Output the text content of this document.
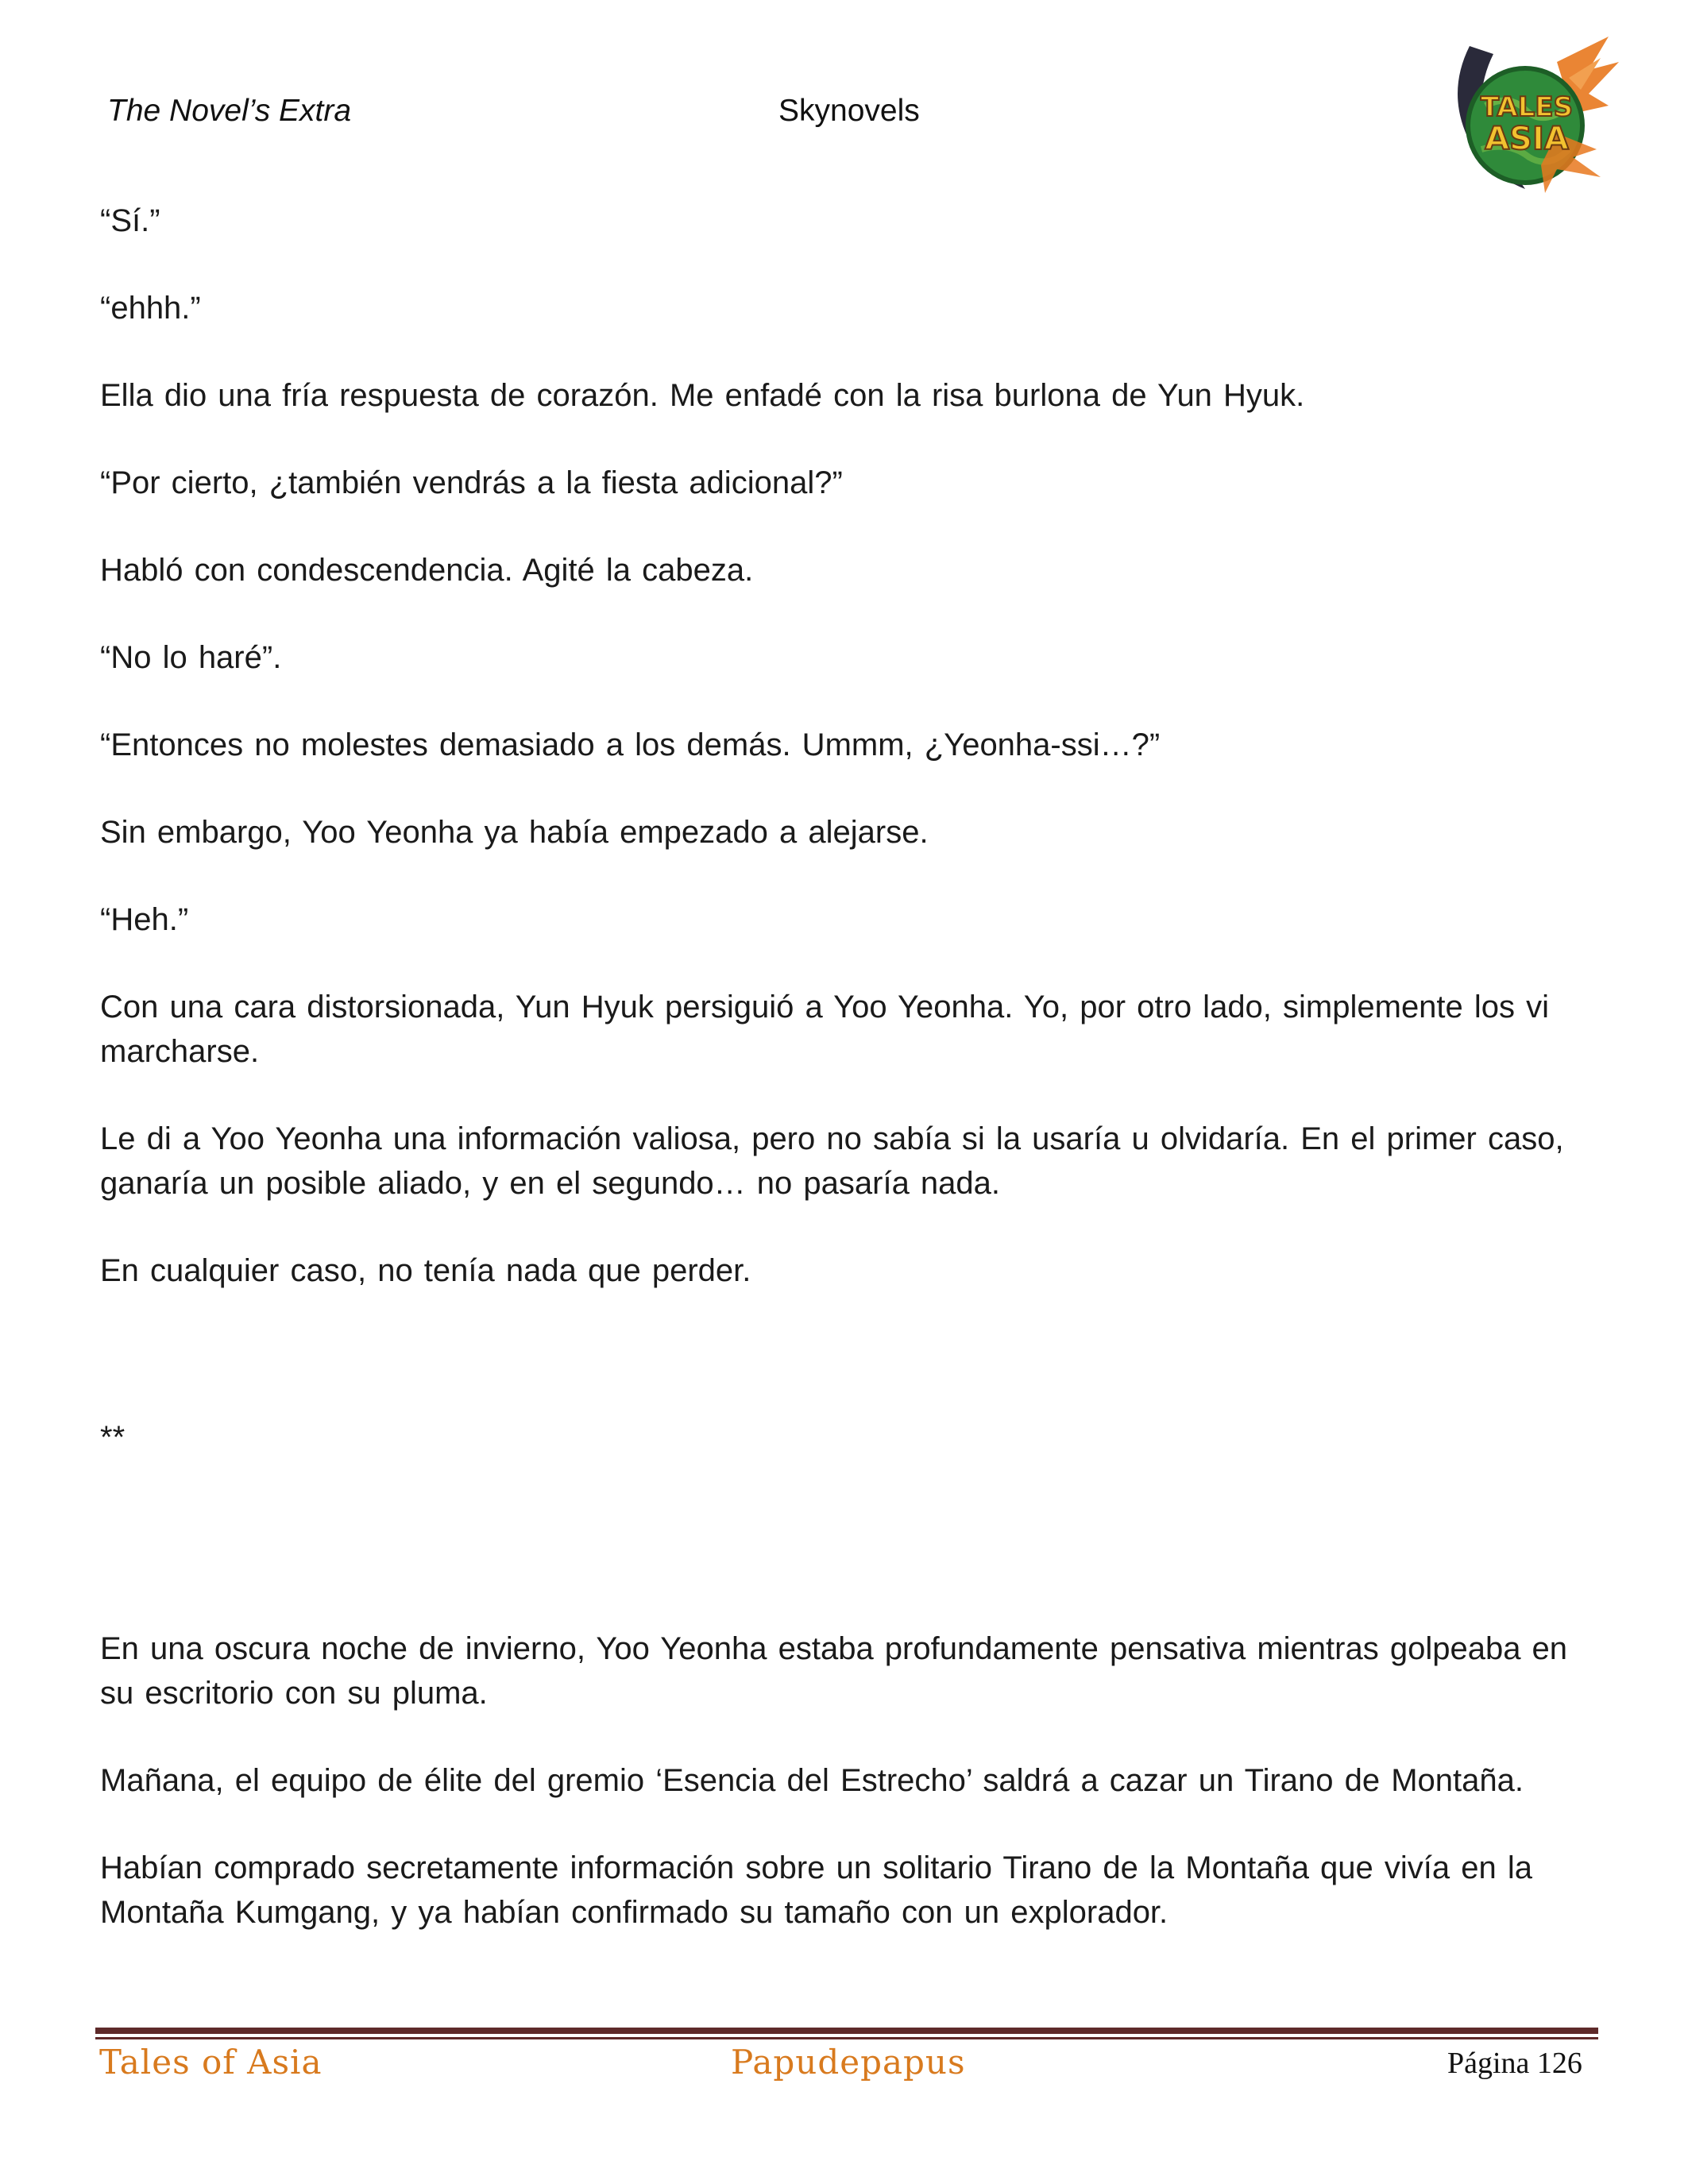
The Novel’s Extra	Skynovels	TALES
ASIA

“Sí.”

“ehhh.”

Ella dio una fría respuesta de corazón. Me enfadé con la risa burlona de Yun Hyuk.

“Por cierto, ¿también vendrás a la fiesta adicional?”

Habló con condescendencia. Agité la cabeza.

“No lo haré”.

“Entonces no molestes demasiado a los demás. Ummm, ¿Yeonha-ssi…?”

Sin embargo, Yoo Yeonha ya había empezado a alejarse.

“Heh.”

Con una cara distorsionada, Yun Hyuk persiguió a Yoo Yeonha. Yo, por otro lado, simplemente los vi marcharse.

Le di a Yoo Yeonha una información valiosa, pero no sabía si la usaría u olvidaría. En el primer caso, ganaría un posible aliado, y en el segundo… no pasaría nada.

En cualquier caso, no tenía nada que perder.

**

En una oscura noche de invierno, Yoo Yeonha estaba profundamente pensativa mientras golpeaba en su escritorio con su pluma.

Mañana, el equipo de élite del gremio ‘Esencia del Estrecho’ saldrá a cazar un Tirano de Montaña.

Habían comprado secretamente información sobre un solitario Tirano de la Montaña que vivía en la Montaña Kumgang, y ya habían confirmado su tamaño con un explorador.

Tales of Asia	Papudepapus	Página 126
